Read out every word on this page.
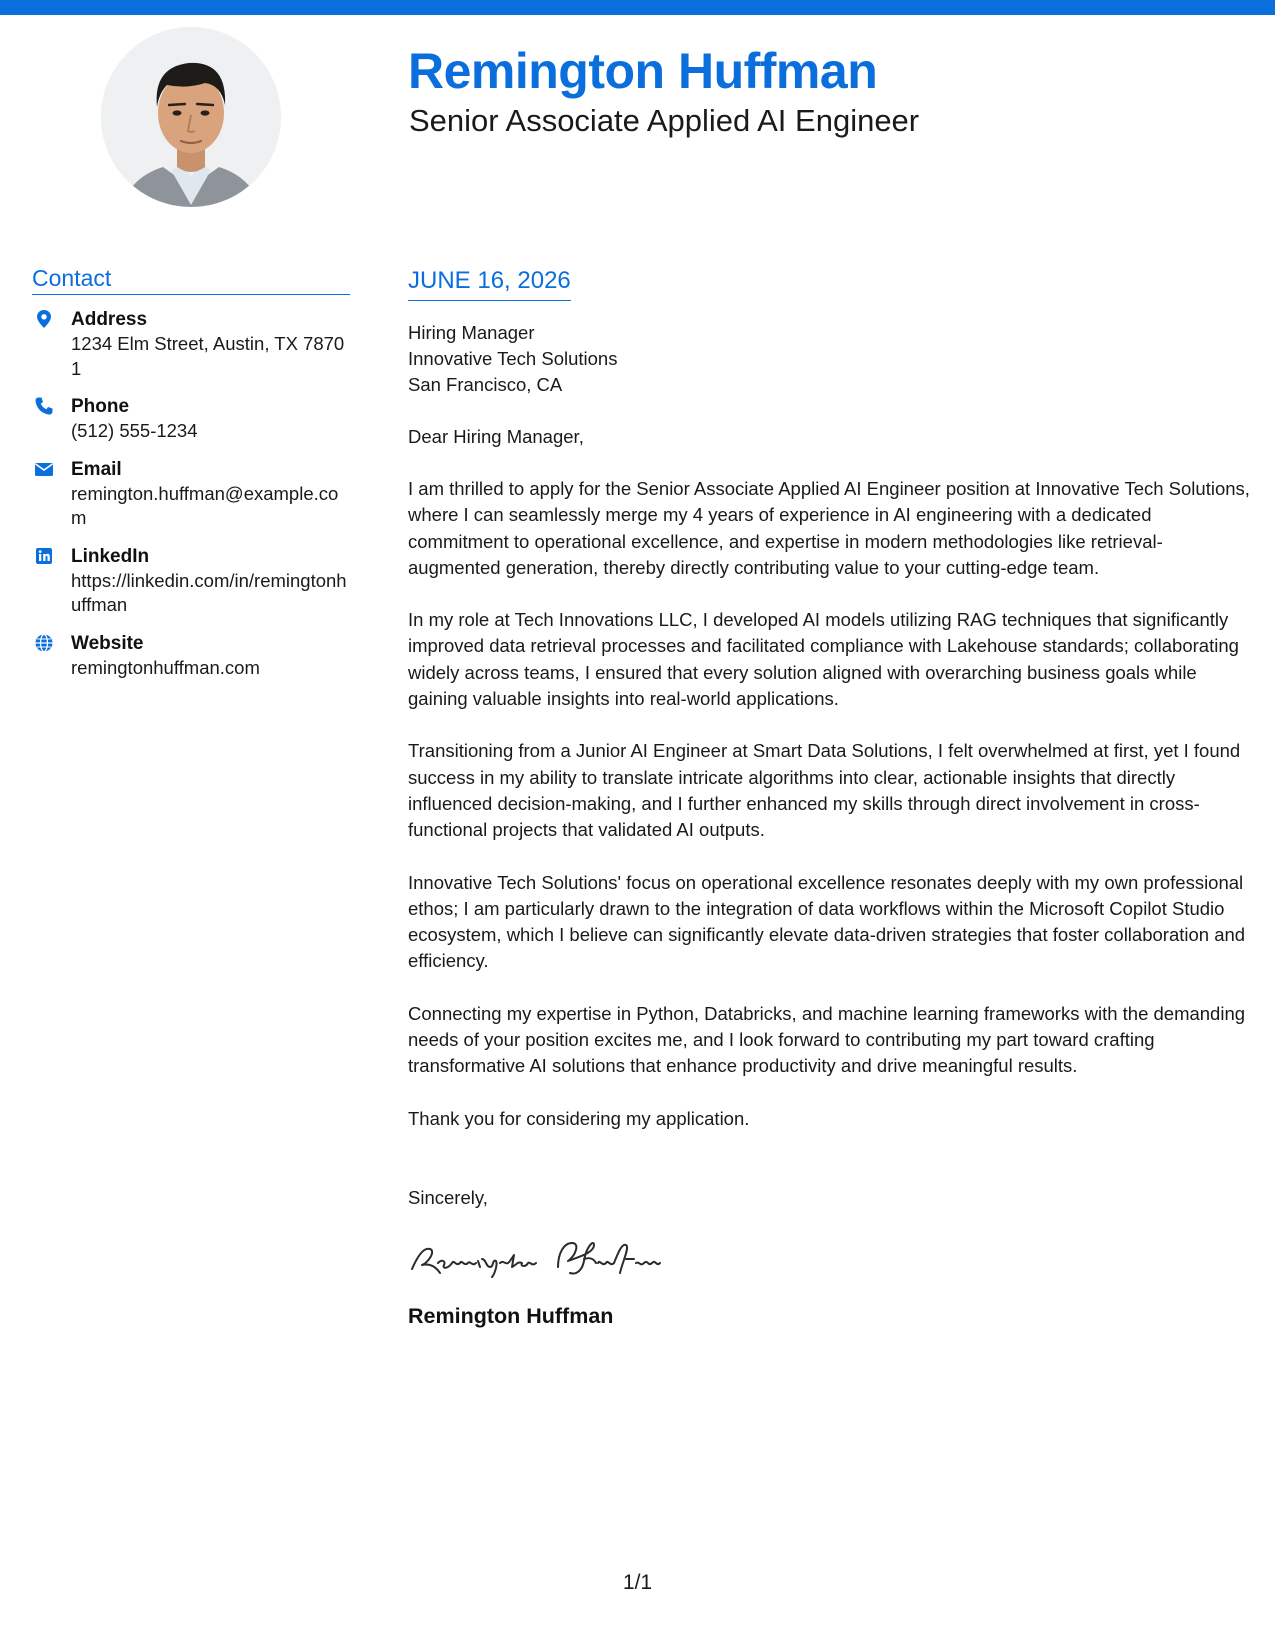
Remington Huffman
Senior Associate Applied AI Engineer
Contact
Address
1234 Elm Street, Austin, TX 78701
Phone
(512) 555-1234
Email
remington.huffman@example.com
LinkedIn
https://linkedin.com/in/remingtonhuffman
Website
remingtonhuffman.com
JUNE 16, 2026
Hiring Manager
Innovative Tech Solutions
San Francisco, CA
Dear Hiring Manager,
I am thrilled to apply for the Senior Associate Applied AI Engineer position at Innovative Tech Solutions, where I can seamlessly merge my 4 years of experience in AI engineering with a dedicated commitment to operational excellence, and expertise in modern methodologies like retrieval-augmented generation, thereby directly contributing value to your cutting-edge team.
In my role at Tech Innovations LLC, I developed AI models utilizing RAG techniques that significantly improved data retrieval processes and facilitated compliance with Lakehouse standards; collaborating widely across teams, I ensured that every solution aligned with overarching business goals while gaining valuable insights into real-world applications.
Transitioning from a Junior AI Engineer at Smart Data Solutions, I felt overwhelmed at first, yet I found success in my ability to translate intricate algorithms into clear, actionable insights that directly influenced decision-making, and I further enhanced my skills through direct involvement in cross-functional projects that validated AI outputs.
Innovative Tech Solutions' focus on operational excellence resonates deeply with my own professional ethos; I am particularly drawn to the integration of data workflows within the Microsoft Copilot Studio ecosystem, which I believe can significantly elevate data-driven strategies that foster collaboration and efficiency.
Connecting my expertise in Python, Databricks, and machine learning frameworks with the demanding needs of your position excites me, and I look forward to contributing my part toward crafting transformative AI solutions that enhance productivity and drive meaningful results.
Thank you for considering my application.
Sincerely,
Remington Huffman
1/1
